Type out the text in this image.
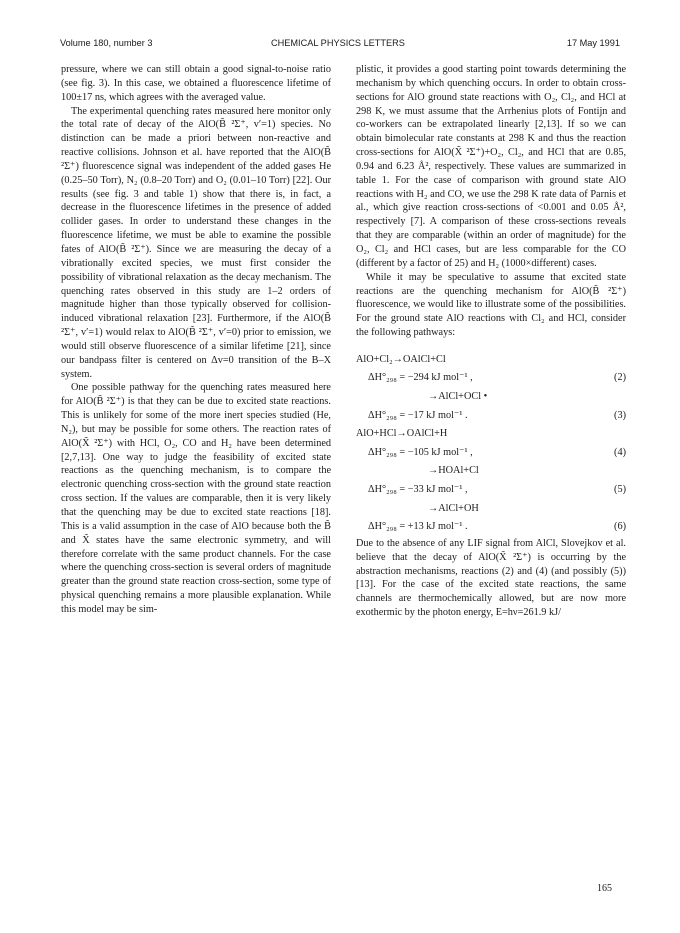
Volume 180, number 3	CHEMICAL PHYSICS LETTERS	17 May 1991

pressure, where we can still obtain a good signal-to-noise ratio (see fig. 3). In this case, we obtained a fluorescence lifetime of 100±17 ns, which agrees with the averaged value.

The experimental quenching rates measured here monitor only the total rate of decay of the AlO(B̃ ²Σ⁺, v′=1) species. No distinction can be made a priori between non-reactive and reactive collisions. Johnson et al. have reported that the AlO(B̃ ²Σ⁺) fluorescence signal was independent of the added gases He (0.25–50 Torr), N₂ (0.8–20 Torr) and O₂ (0.01–10 Torr) [22]. Our results (see fig. 3 and table 1) show that there is, in fact, a decrease in the fluorescence lifetimes in the presence of added collider gases. In order to understand these changes in the fluorescence lifetime, we must be able to examine the possible fates of AlO(B̃ ²Σ⁺). Since we are measuring the decay of a vibrationally excited species, we must first consider the possibility of vibrational relaxation as the decay mechanism. The quenching rates observed in this study are 1–2 orders of magnitude higher than those typically observed for collision-induced vibrational relaxation [23]. Furthermore, if the AlO(B̃ ²Σ⁺, v′=1) would relax to AlO(B̃ ²Σ⁺, v′=0) prior to emission, we would still observe fluorescence of a similar lifetime [21], since our bandpass filter is centered on Δv=0 transition of the B–X system.

One possible pathway for the quenching rates measured here for AlO(B̃ ²Σ⁺) is that they can be due to excited state reactions. This is unlikely for some of the more inert species studied (He, N₂), but may be possible for some others. The reaction rates of AlO(X̃ ²Σ⁺) with HCl, O₂, CO and H₂ have been determined [2,7,13]. One way to judge the feasibility of excited state reactions as the quenching mechanism, is to compare the electronic quenching cross-section with the ground state reaction cross section. If the values are comparable, then it is very likely that the quenching may be due to excited state reactions [18]. This is a valid assumption in the case of AlO because both the B̃ and X̃ states have the same electronic symmetry, and will therefore correlate with the same product channels. For the case where the quenching cross-section is several orders of magnitude greater than the ground state reaction cross-section, some type of physical quenching remains a more plausible explanation. While this model may be sim-

plistic, it provides a good starting point towards determining the mechanism by which quenching occurs. In order to obtain cross-sections for AlO ground state reactions with O₂, Cl₂, and HCl at 298 K, we must assume that the Arrhenius plots of Fontijn and co-workers can be extrapolated linearly [2,13]. If so we can obtain bimolecular rate constants at 298 K and thus the reaction cross-sections for AlO(X̃ ²Σ⁺)+O₂, Cl₂, and HCl that are 0.85, 0.94 and 6.23 Å², respectively. These values are summarized in table 1. For the case of comparison with ground state AlO reactions with H₂ and CO, we use the 298 K rate data of Parnis et al., which give reaction cross-sections of <0.001 and 0.05 Å², respectively [7]. A comparison of these cross-sections reveals that they are comparable (within an order of magnitude) for the O₂, Cl₂ and HCl cases, but are less comparable for the CO (different by a factor of 25) and H₂ (1000×different) cases.

While it may be speculative to assume that excited state reactions are the quenching mechanism for AlO(B̃ ²Σ⁺) fluorescence, we would like to illustrate some of the possibilities. For the ground state AlO reactions with Cl₂ and HCl, consider the following pathways:

AlO+Cl₂→OAlCl+Cl
ΔH°₂₉₈ = −294 kJ mol⁻¹ ,	(2)
→AlCl+OCl •
ΔH°₂₉₈ = −17 kJ mol⁻¹ .	(3)
AlO+HCl→OAlCl+H
ΔH°₂₉₈ = −105 kJ mol⁻¹ ,	(4)
→HOAl+Cl
ΔH°₂₉₈ = −33 kJ mol⁻¹ ,	(5)
→AlCl+OH
ΔH°₂₉₈ = +13 kJ mol⁻¹ .	(6)

Due to the absence of any LIF signal from AlCl, Slovejkov et al. believe that the decay of AlO(X̃ ²Σ⁺) is occurring by the abstraction mechanisms, reactions (2) and (4) (and possibly (5)) [13]. For the case of the excited state reactions, the same channels are thermochemically allowed, but are now more exothermic by the photon energy, E=hν=261.9 kJ/

165
